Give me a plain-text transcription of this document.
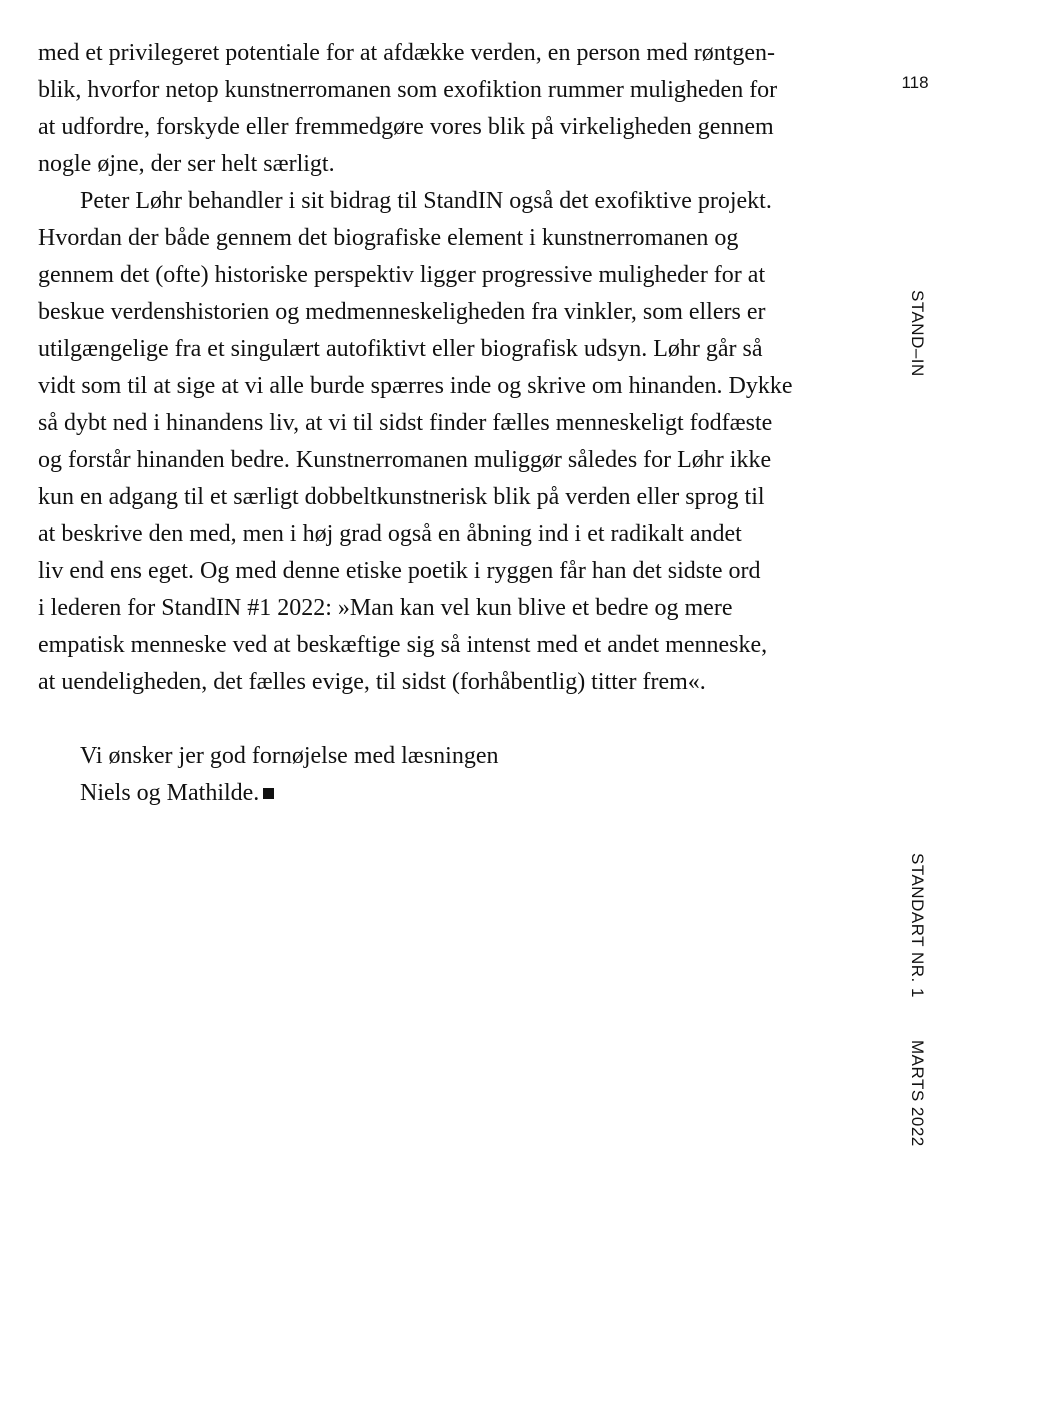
med et privilegeret potentiale for at afdække verden, en person med røntgen-
blik, hvorfor netop kunstnerromanen som exofiktion rummer muligheden for
at udfordre, forskyde eller fremmedgøre vores blik på virkeligheden gennem
nogle øjne, der ser helt særligt.
Peter Løhr behandler i sit bidrag til StandIN også det exofiktive projekt.
Hvordan der både gennem det biografiske element i kunstnerromanen og
gennem det (ofte) historiske perspektiv ligger progressive muligheder for at
beskue verdenshistorien og medmenneskeligheden fra vinkler, som ellers er
utilgængelige fra et singulært autofiktivt eller biografisk udsyn. Løhr går så
vidt som til at sige at vi alle burde spærres inde og skrive om hinanden. Dykke
så dybt ned i hinandens liv, at vi til sidst finder fælles menneskeligt fodfæste
og forstår hinanden bedre. Kunstnerromanen muliggør således for Løhr ikke
kun en adgang til et særligt dobbeltkunstnerisk blik på verden eller sprog til
at beskrive den med, men i høj grad også en åbning ind i et radikalt andet
liv end ens eget. Og med denne etiske poetik i ryggen får han det sidste ord
i lederen for StandIN #1 2022: »Man kan vel kun blive et bedre og mere
empatisk menneske ved at beskæftige sig så intenst med et andet menneske,
at uendeligheden, det fælles evige, til sidst (forhåbentlig) titter frem«.
Vi ønsker jer god fornøjelse med læsningen
Niels og Mathilde.
118
STAND–IN
STANDART NR. 1
MARTS 2022
